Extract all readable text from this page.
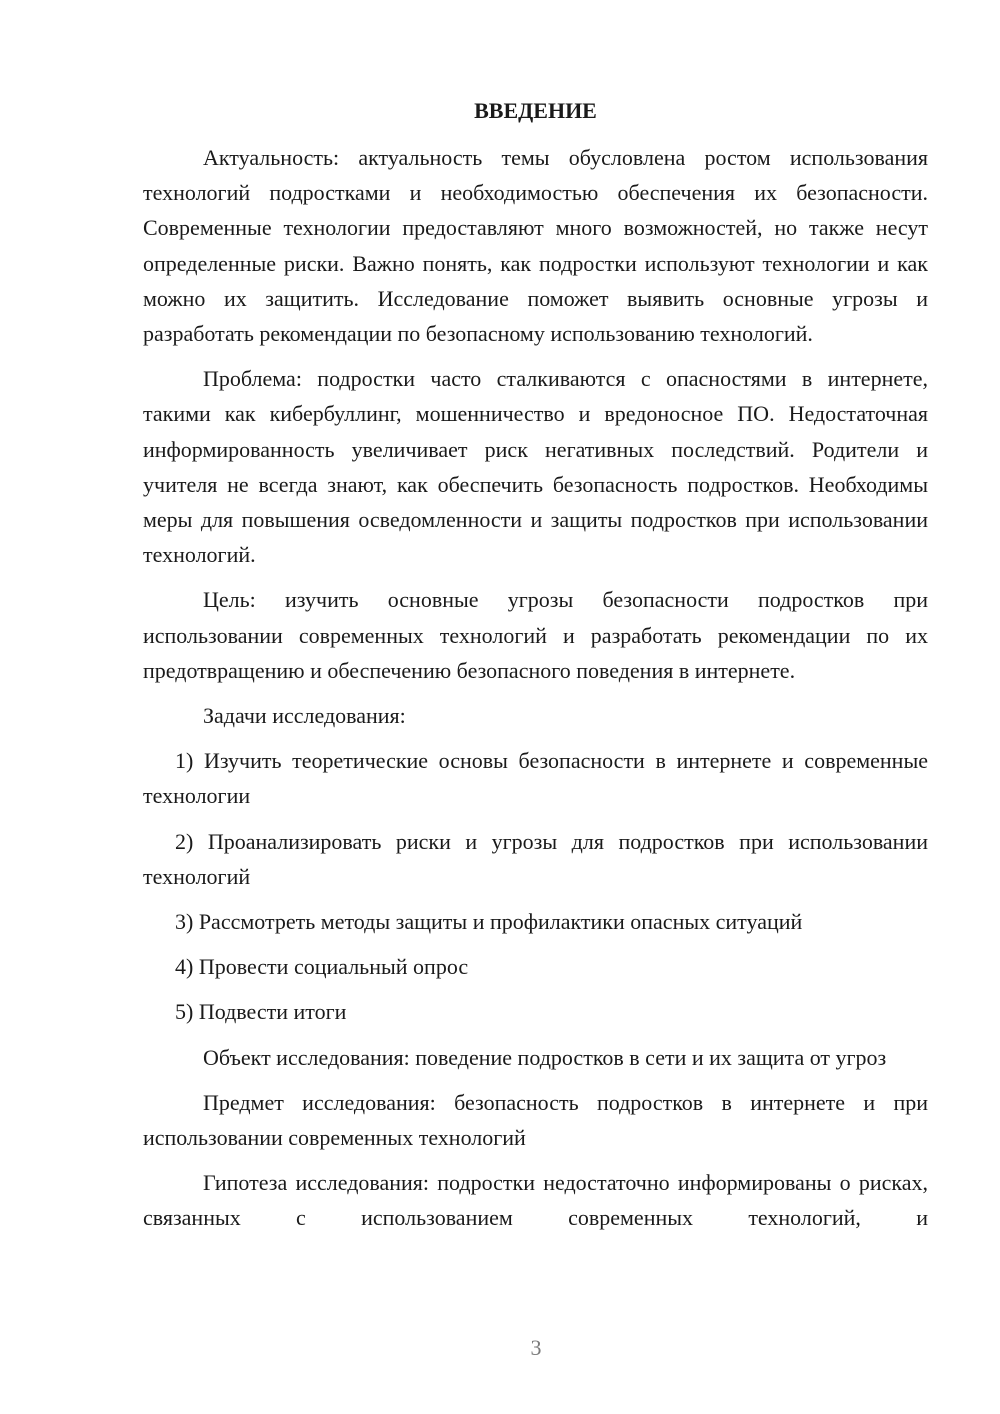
ВВЕДЕНИЕ

Актуальность: актуальность темы обусловлена ростом использования технологий подростками и необходимостью обеспечения их безопасности. Современные технологии предоставляют много возможностей, но также несут определенные риски. Важно понять, как подростки используют технологии и как можно их защитить. Исследование поможет выявить основные угрозы и разработать рекомендации по безопасному использованию технологий.

Проблема: подростки часто сталкиваются с опасностями в интернете, такими как кибербуллинг, мошенничество и вредоносное ПО. Недостаточная информированность увеличивает риск негативных последствий. Родители и учителя не всегда знают, как обеспечить безопасность подростков. Необходимы меры для повышения осведомленности и защиты подростков при использовании технологий.

Цель: изучить основные угрозы безопасности подростков при использовании современных технологий и разработать рекомендации по их предотвращению и обеспечению безопасного поведения в интернете.

Задачи исследования:

1) Изучить теоретические основы безопасности в интернете и современные технологии

2) Проанализировать риски и угрозы для подростков при использовании технологий

3) Рассмотреть методы защиты и профилактики опасных ситуаций

4) Провести социальный опрос

5) Подвести итоги

Объект исследования: поведение подростков в сети и их защита от угроз

Предмет исследования: безопасность подростков в интернете и при использовании современных технологий

Гипотеза исследования: подростки недостаточно информированы о рисках, связанных с использованием современных технологий, и

3
